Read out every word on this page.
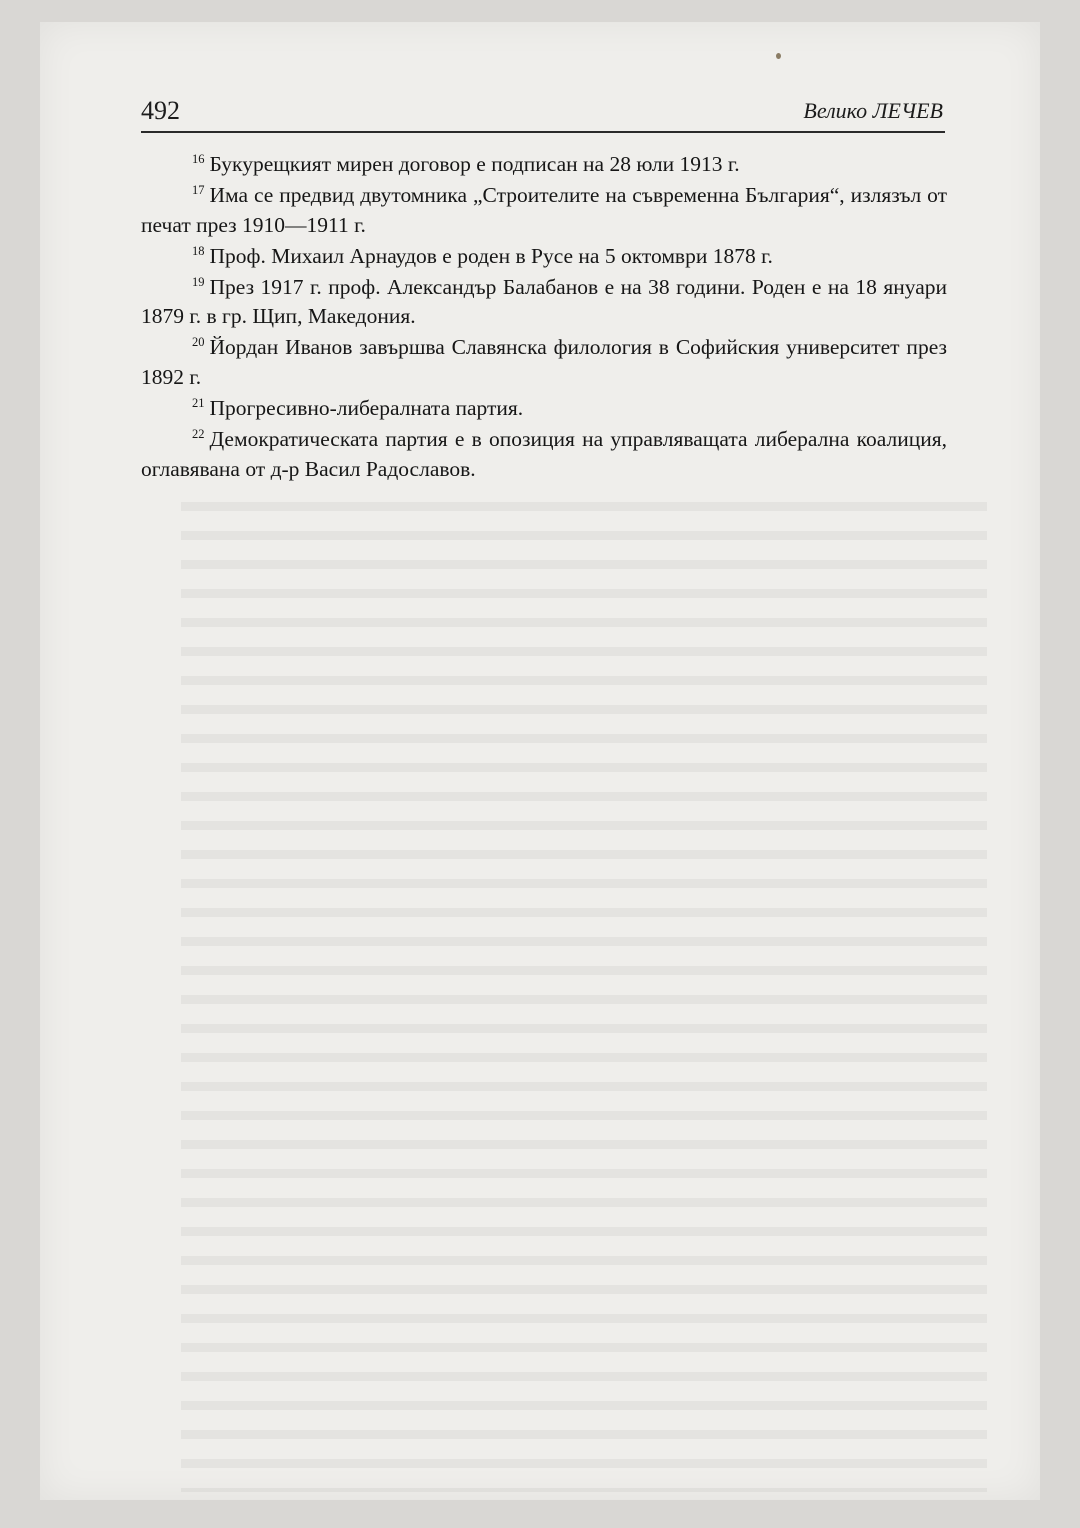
492	Велико ЛЕЧЕВ

$^{16}$ Букурещкият мирен договор е подписан на 28 юли 1913 г.

$^{17}$ Има се предвид двутомника „Строителите на съвременна България“, излязъл от печат през 1910—1911 г.

$^{18}$ Проф. Михаил Арнаудов е роден в Русе на 5 октомври 1878 г.

$^{19}$ През 1917 г. проф. Александър Балабанов е на 38 години. Роден е на 18 януари 1879 г. в гр. Щип, Македония.

$^{20}$ Йордан Иванов завършва Славянска филология в Софийския университет през 1892 г.

$^{21}$ Прогресивно-либералната партия.

$^{22}$ Демократическата партия е в опозиция на управляващата либерална коалиция, оглавявана от д-р Васил Радославов.
